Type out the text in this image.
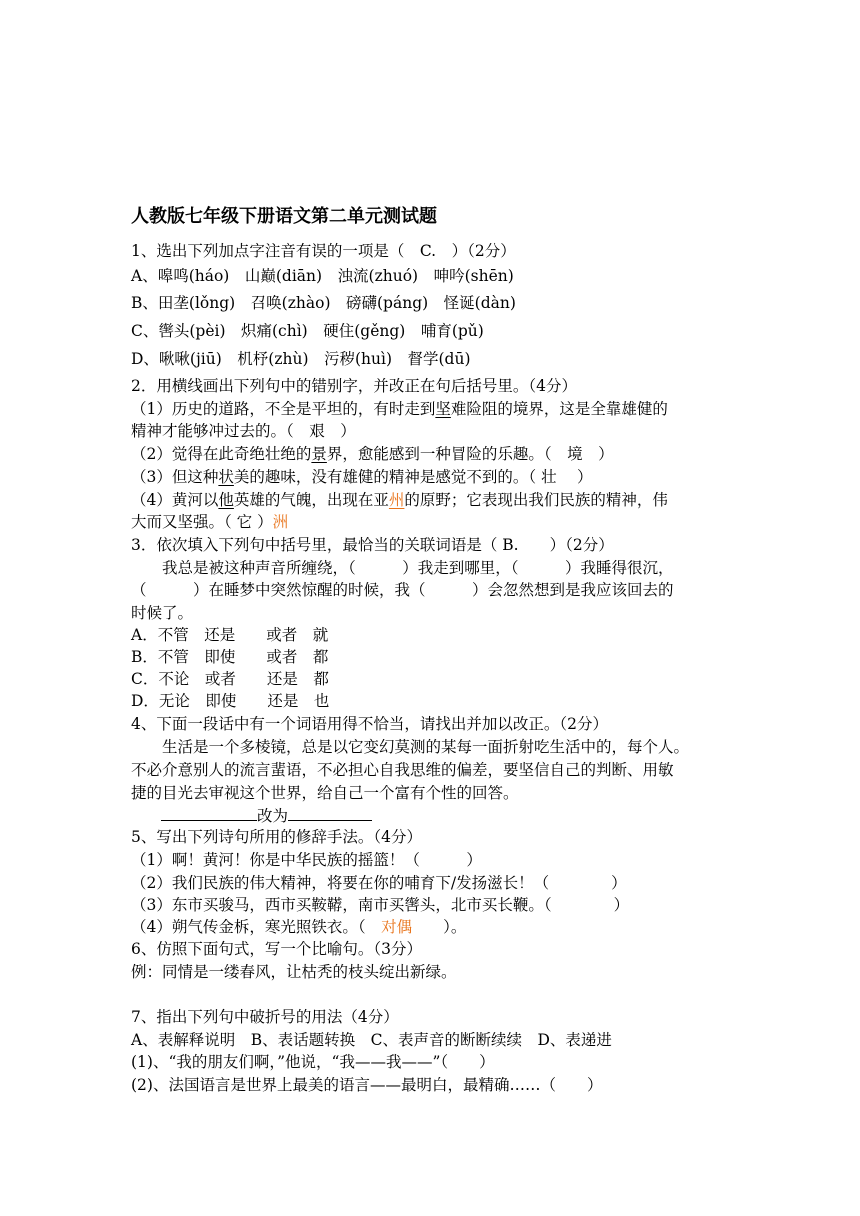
人教版七年级下册语文第二单元测试题
1、选出下列加点字注音有误的一项是（　C.　）（2分）
A、嗥鸣(háo)　山巅(diān)　浊流(zhuó)　呻吟(shēn)
B、田垄(lǒng)　召唤(zhào)　磅礴(páng)　怪诞(dàn)
C、辔头(pèi)　炽痛(chì)　硬住(gěng)　哺育(pǔ)
D、啾啾(jiū)　机杼(zhù)　污秽(huì)　督学(dū)
2．用横线画出下列句中的错别字，并改正在句后括号里。（4分）
（1）历史的道路，不全是平坦的，有时走到坚难险阻的境界，这是全靠雄健的
精神才能够冲过去的。（　艰　）
（2）觉得在此奇绝壮绝的景界，愈能感到一种冒险的乐趣。（　境　）
（3）但这种状美的趣味，没有雄健的精神是感觉不到的。（ 壮　 ）
（4）黄河以他英雄的气魄，出现在亚州的原野；它表现出我们民族的精神，伟
大而又坚强。（ 它 ）洲
3．依次填入下列句中括号里，最恰当的关联词语是（ B.　　）（2分）
　　我总是被这种声音所缠绕，（　　　）我走到哪里，（　　　）我睡得很沉，
（　　　）在睡梦中突然惊醒的时候，我（　　　）会忽然想到是我应该回去的
时候了。
A．不管　还是　　或者　就
B．不管　即使　　或者　都
C．不论　或者　　还是　都
D．无论　即使　　还是　也
4、下面一段话中有一个词语用得不恰当，请找出并加以改正。（2分）
　　生活是一个多棱镜，总是以它变幻莫测的某每一面折射吃生活中的，每个人。
不必介意别人的流言蜚语，不必担心自我思维的偏差，要坚信自己的判断、用敏
捷的目光去审视这个世界，给自己一个富有个性的回答。
改为
5、写出下列诗句所用的修辞手法。（4分）
（1）啊！黄河！你是中华民族的摇篮！（　　　）
（2）我们民族的伟大精神，将要在你的哺育下/发扬滋长！（　　　　）
（3）东市买骏马，西市买鞍鞯，南市买辔头，北市买长鞭。（　　　　）
（4）朔气传金柝，寒光照铁衣。（　对偶　　）。
6、仿照下面句式，写一个比喻句。（3分）
例：同情是一缕春风，让枯秃的枝头绽出新绿。
7、指出下列句中破折号的用法（4分）
A、表解释说明　B、表话题转换　C、表声音的断断续续　D、表递进
(1)、“我的朋友们啊，”他说，“我——我——”（　　）
(2)、法国语言是世界上最美的语言——最明白，最精确……（　　）
